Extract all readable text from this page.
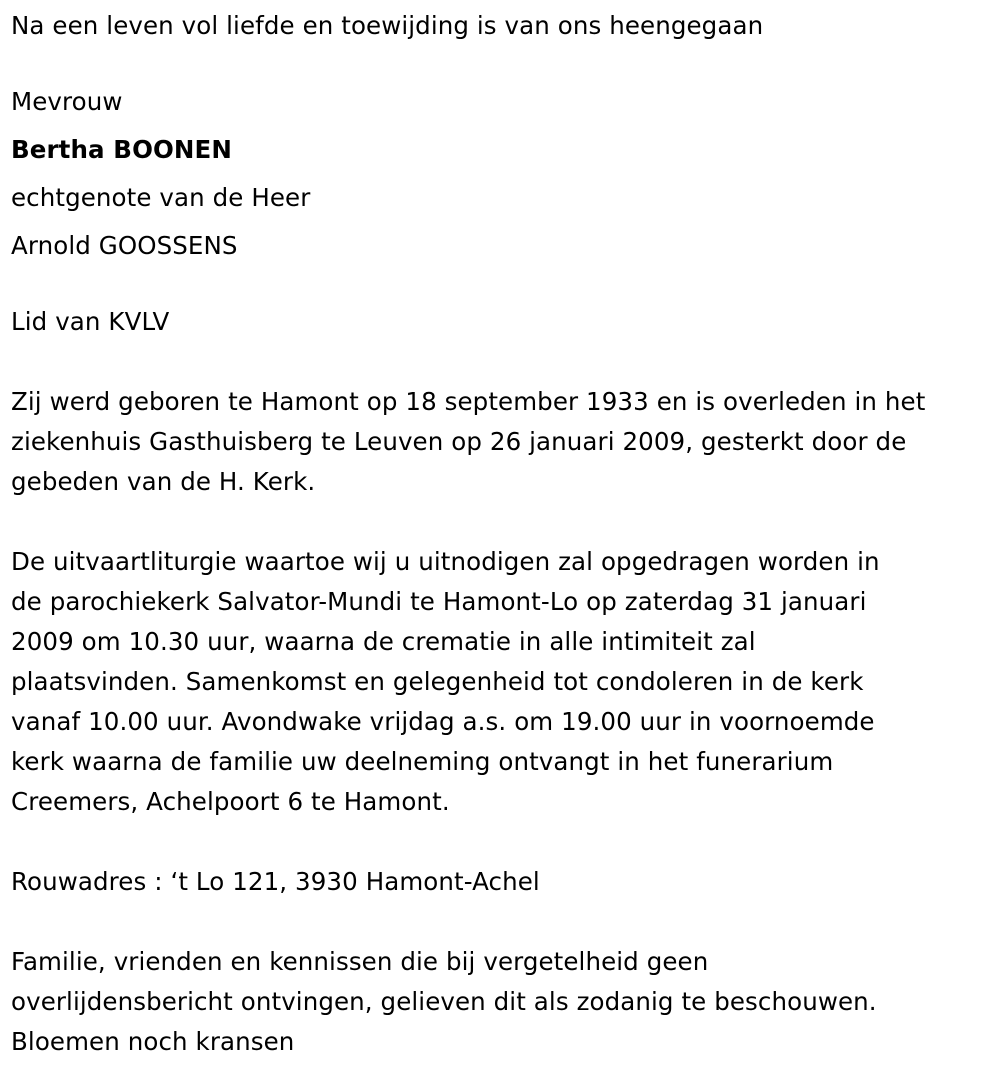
Na een leven vol liefde en toewijding is van ons heengegaan
Mevrouw
Bertha BOONEN
echtgenote van de Heer
Arnold GOOSSENS
Lid van KVLV
Zij werd geboren te Hamont op 18 september 1933 en is overleden in het
ziekenhuis Gasthuisberg te Leuven op 26 januari 2009, gesterkt door de
gebeden van de H. Kerk.
De uitvaartliturgie waartoe wij u uitnodigen zal opgedragen worden in
de parochiekerk Salvator-Mundi te Hamont-Lo op zaterdag 31 januari
2009 om 10.30 uur, waarna de crematie in alle intimiteit zal
plaatsvinden. Samenkomst en gelegenheid tot condoleren in de kerk
vanaf 10.00 uur. Avondwake vrijdag a.s. om 19.00 uur in voornoemde
kerk waarna de familie uw deelneming ontvangt in het funerarium
Creemers, Achelpoort 6 te Hamont.
Rouwadres : ‘t Lo 121, 3930 Hamont-Achel
Familie, vrienden en kennissen die bij vergetelheid geen
overlijdensbericht ontvingen, gelieven dit als zodanig te beschouwen.
Bloemen noch kransen
